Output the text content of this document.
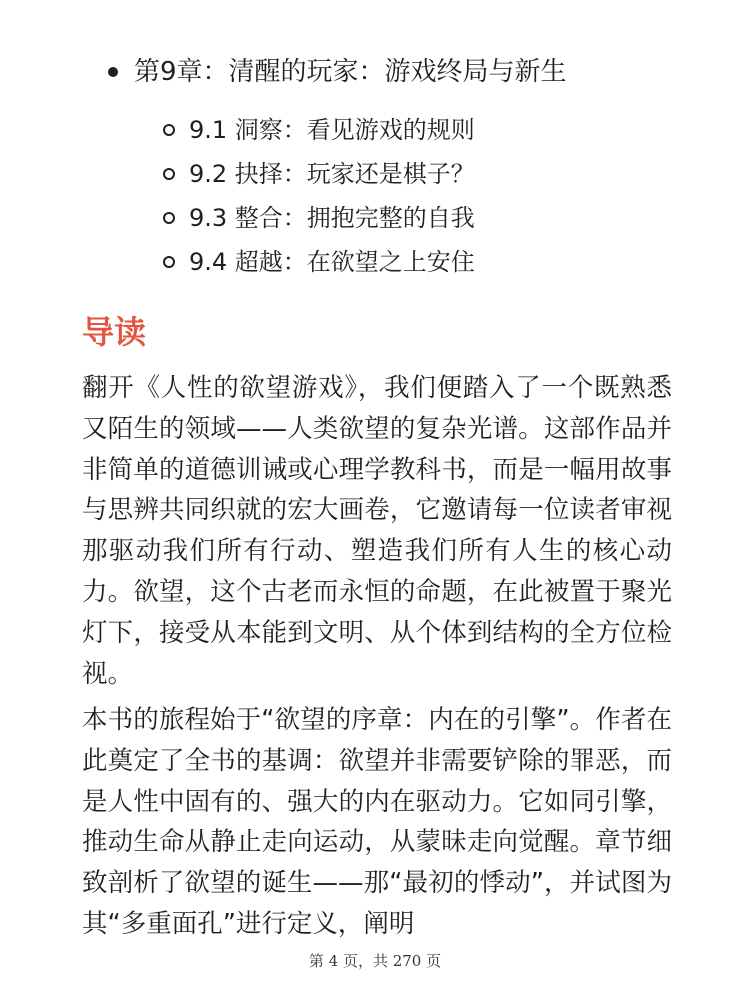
第9章：清醒的玩家：游戏终局与新生
9.1 洞察：看见游戏的规则
9.2 抉择：玩家还是棋子？
9.3 整合：拥抱完整的自我
9.4 超越：在欲望之上安住
导读

翻开《人性的欲望游戏》，我们便踏入了一个既熟悉又陌生的领域——人类欲望的复杂光谱。这部作品并非简单的道德训诫或心理学教科书，而是一幅用故事与思辨共同织就的宏大画卷，它邀请每一位读者审视那驱动我们所有行动、塑造我们所有人生的核心动力。欲望，这个古老而永恒的命题，在此被置于聚光灯下，接受从本能到文明、从个体到结构的全方位检视。

本书的旅程始于“欲望的序章：内在的引擎”。作者在此奠定了全书的基调：欲望并非需要铲除的罪恶，而是人性中固有的、强大的内在驱动力。它如同引擎，推动生命从静止走向运动，从蒙昧走向觉醒。章节细致剖析了欲望的诞生——那“最初的悸动”，并试图为其“多重面孔”进行定义，阐明

第 4 页，共 270 页
